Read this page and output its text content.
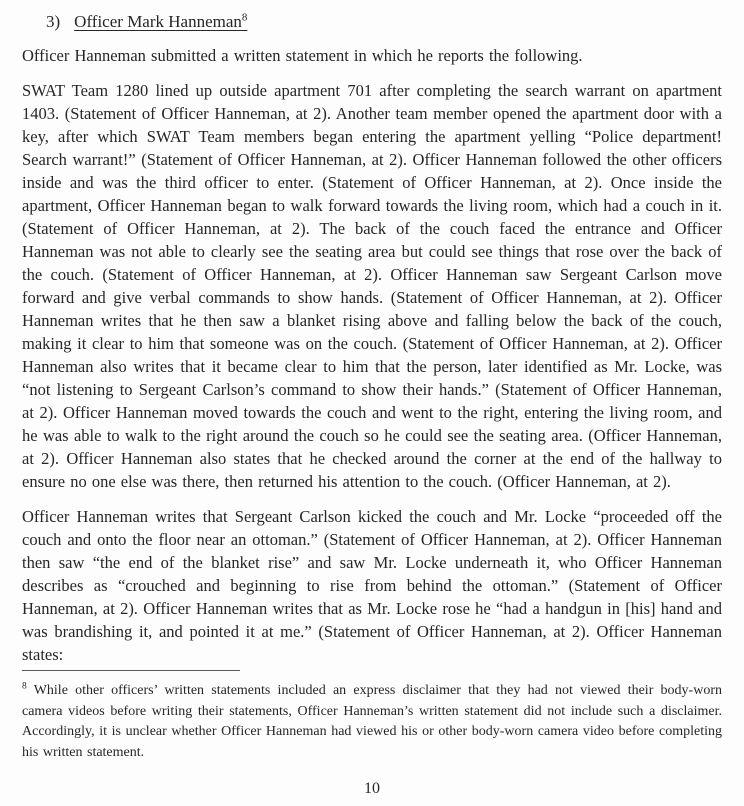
3) Officer Mark Hanneman$^8$

Officer Hanneman submitted a written statement in which he reports the following.

SWAT Team 1280 lined up outside apartment 701 after completing the search warrant on apartment 1403. (Statement of Officer Hanneman, at 2). Another team member opened the apartment door with a key, after which SWAT Team members began entering the apartment yelling “Police department! Search warrant!” (Statement of Officer Hanneman, at 2). Officer Hanneman followed the other officers inside and was the third officer to enter. (Statement of Officer Hanneman, at 2). Once inside the apartment, Officer Hanneman began to walk forward towards the living room, which had a couch in it. (Statement of Officer Hanneman, at 2). The back of the couch faced the entrance and Officer Hanneman was not able to clearly see the seating area but could see things that rose over the back of the couch. (Statement of Officer Hanneman, at 2). Officer Hanneman saw Sergeant Carlson move forward and give verbal commands to show hands. (Statement of Officer Hanneman, at 2). Officer Hanneman writes that he then saw a blanket rising above and falling below the back of the couch, making it clear to him that someone was on the couch. (Statement of Officer Hanneman, at 2). Officer Hanneman also writes that it became clear to him that the person, later identified as Mr. Locke, was “not listening to Sergeant Carlson’s command to show their hands.” (Statement of Officer Hanneman, at 2). Officer Hanneman moved towards the couch and went to the right, entering the living room, and he was able to walk to the right around the couch so he could see the seating area. (Officer Hanneman, at 2). Officer Hanneman also states that he checked around the corner at the end of the hallway to ensure no one else was there, then returned his attention to the couch. (Officer Hanneman, at 2).

Officer Hanneman writes that Sergeant Carlson kicked the couch and Mr. Locke “proceeded off the couch and onto the floor near an ottoman.” (Statement of Officer Hanneman, at 2). Officer Hanneman then saw “the end of the blanket rise” and saw Mr. Locke underneath it, who Officer Hanneman describes as “crouched and beginning to rise from behind the ottoman.” (Statement of Officer Hanneman, at 2). Officer Hanneman writes that as Mr. Locke rose he “had a handgun in [his] hand and was brandishing it, and pointed it at me.” (Statement of Officer Hanneman, at 2). Officer Hanneman states:

$^8$ While other officers’ written statements included an express disclaimer that they had not viewed their body-worn camera videos before writing their statements, Officer Hanneman’s written statement did not include such a disclaimer. Accordingly, it is unclear whether Officer Hanneman had viewed his or other body-worn camera video before completing his written statement.

10
